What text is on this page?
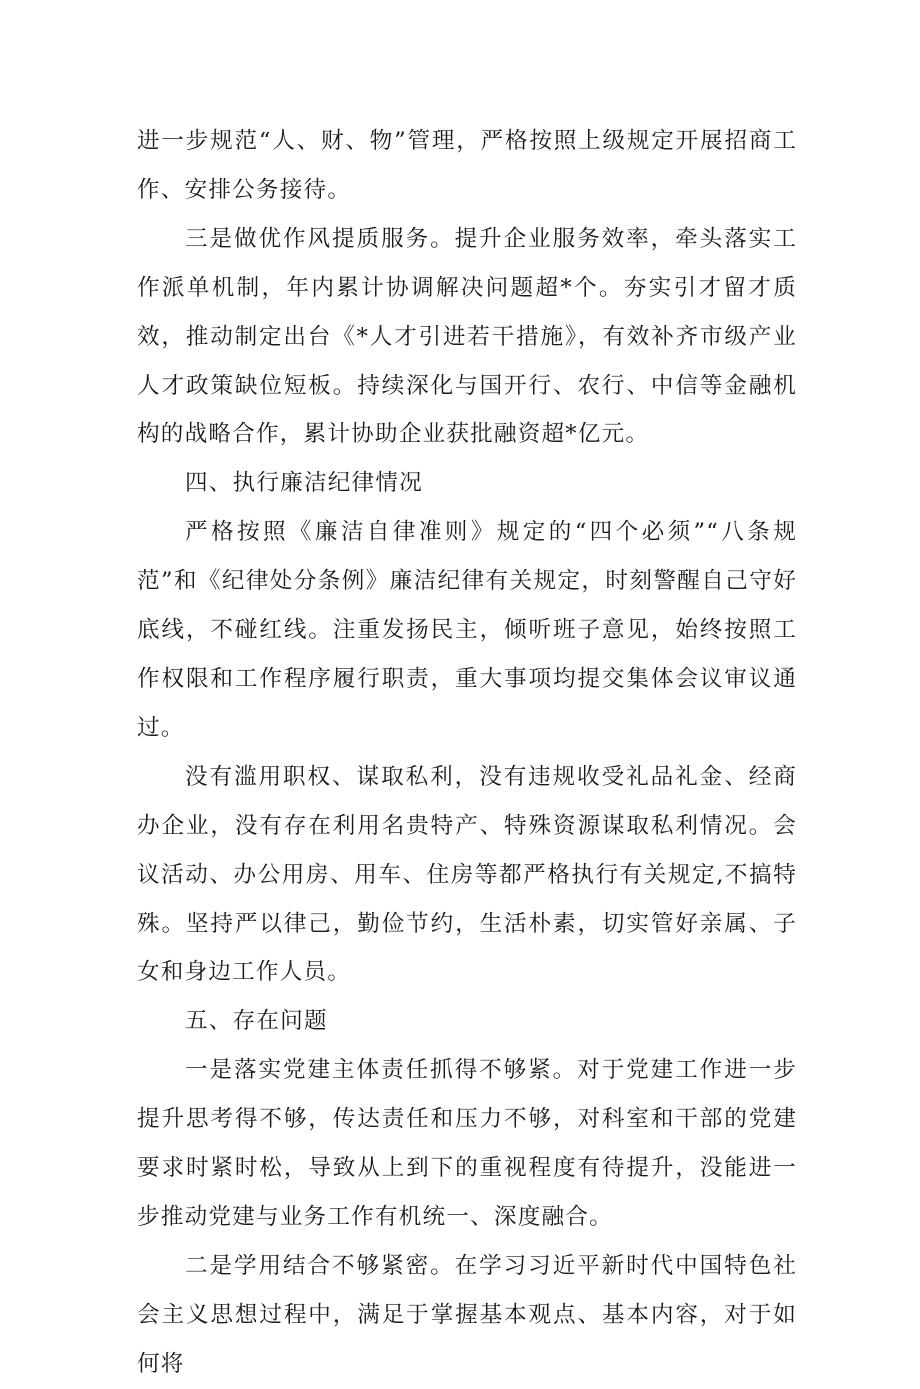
进一步规范“人、财、物”管理，严格按照上级规定开展招商工作、安排公务接待。

三是做优作风提质服务。提升企业服务效率，牵头落实工作派单机制，年内累计协调解决问题超*个。夯实引才留才质效，推动制定出台《*人才引进若干措施》，有效补齐市级产业人才政策缺位短板。持续深化与国开行、农行、中信等金融机构的战略合作，累计协助企业获批融资超*亿元。

四、执行廉洁纪律情况

严格按照《廉洁自律准则》规定的“四个必须”“八条规范”和《纪律处分条例》廉洁纪律有关规定，时刻警醒自己守好底线，不碰红线。注重发扬民主，倾听班子意见，始终按照工作权限和工作程序履行职责，重大事项均提交集体会议审议通过。

没有滥用职权、谋取私利，没有违规收受礼品礼金、经商办企业，没有存在利用名贵特产、特殊资源谋取私利情况。会议活动、办公用房、用车、住房等都严格执行有关规定,不搞特殊。坚持严以律己，勤俭节约，生活朴素，切实管好亲属、子女和身边工作人员。

五、存在问题

一是落实党建主体责任抓得不够紧。对于党建工作进一步提升思考得不够，传达责任和压力不够，对科室和干部的党建要求时紧时松，导致从上到下的重视程度有待提升，没能进一步推动党建与业务工作有机统一、深度融合。

二是学用结合不够紧密。在学习习近平新时代中国特色社会主义思想过程中，满足于掌握基本观点、基本内容，对于如何将
